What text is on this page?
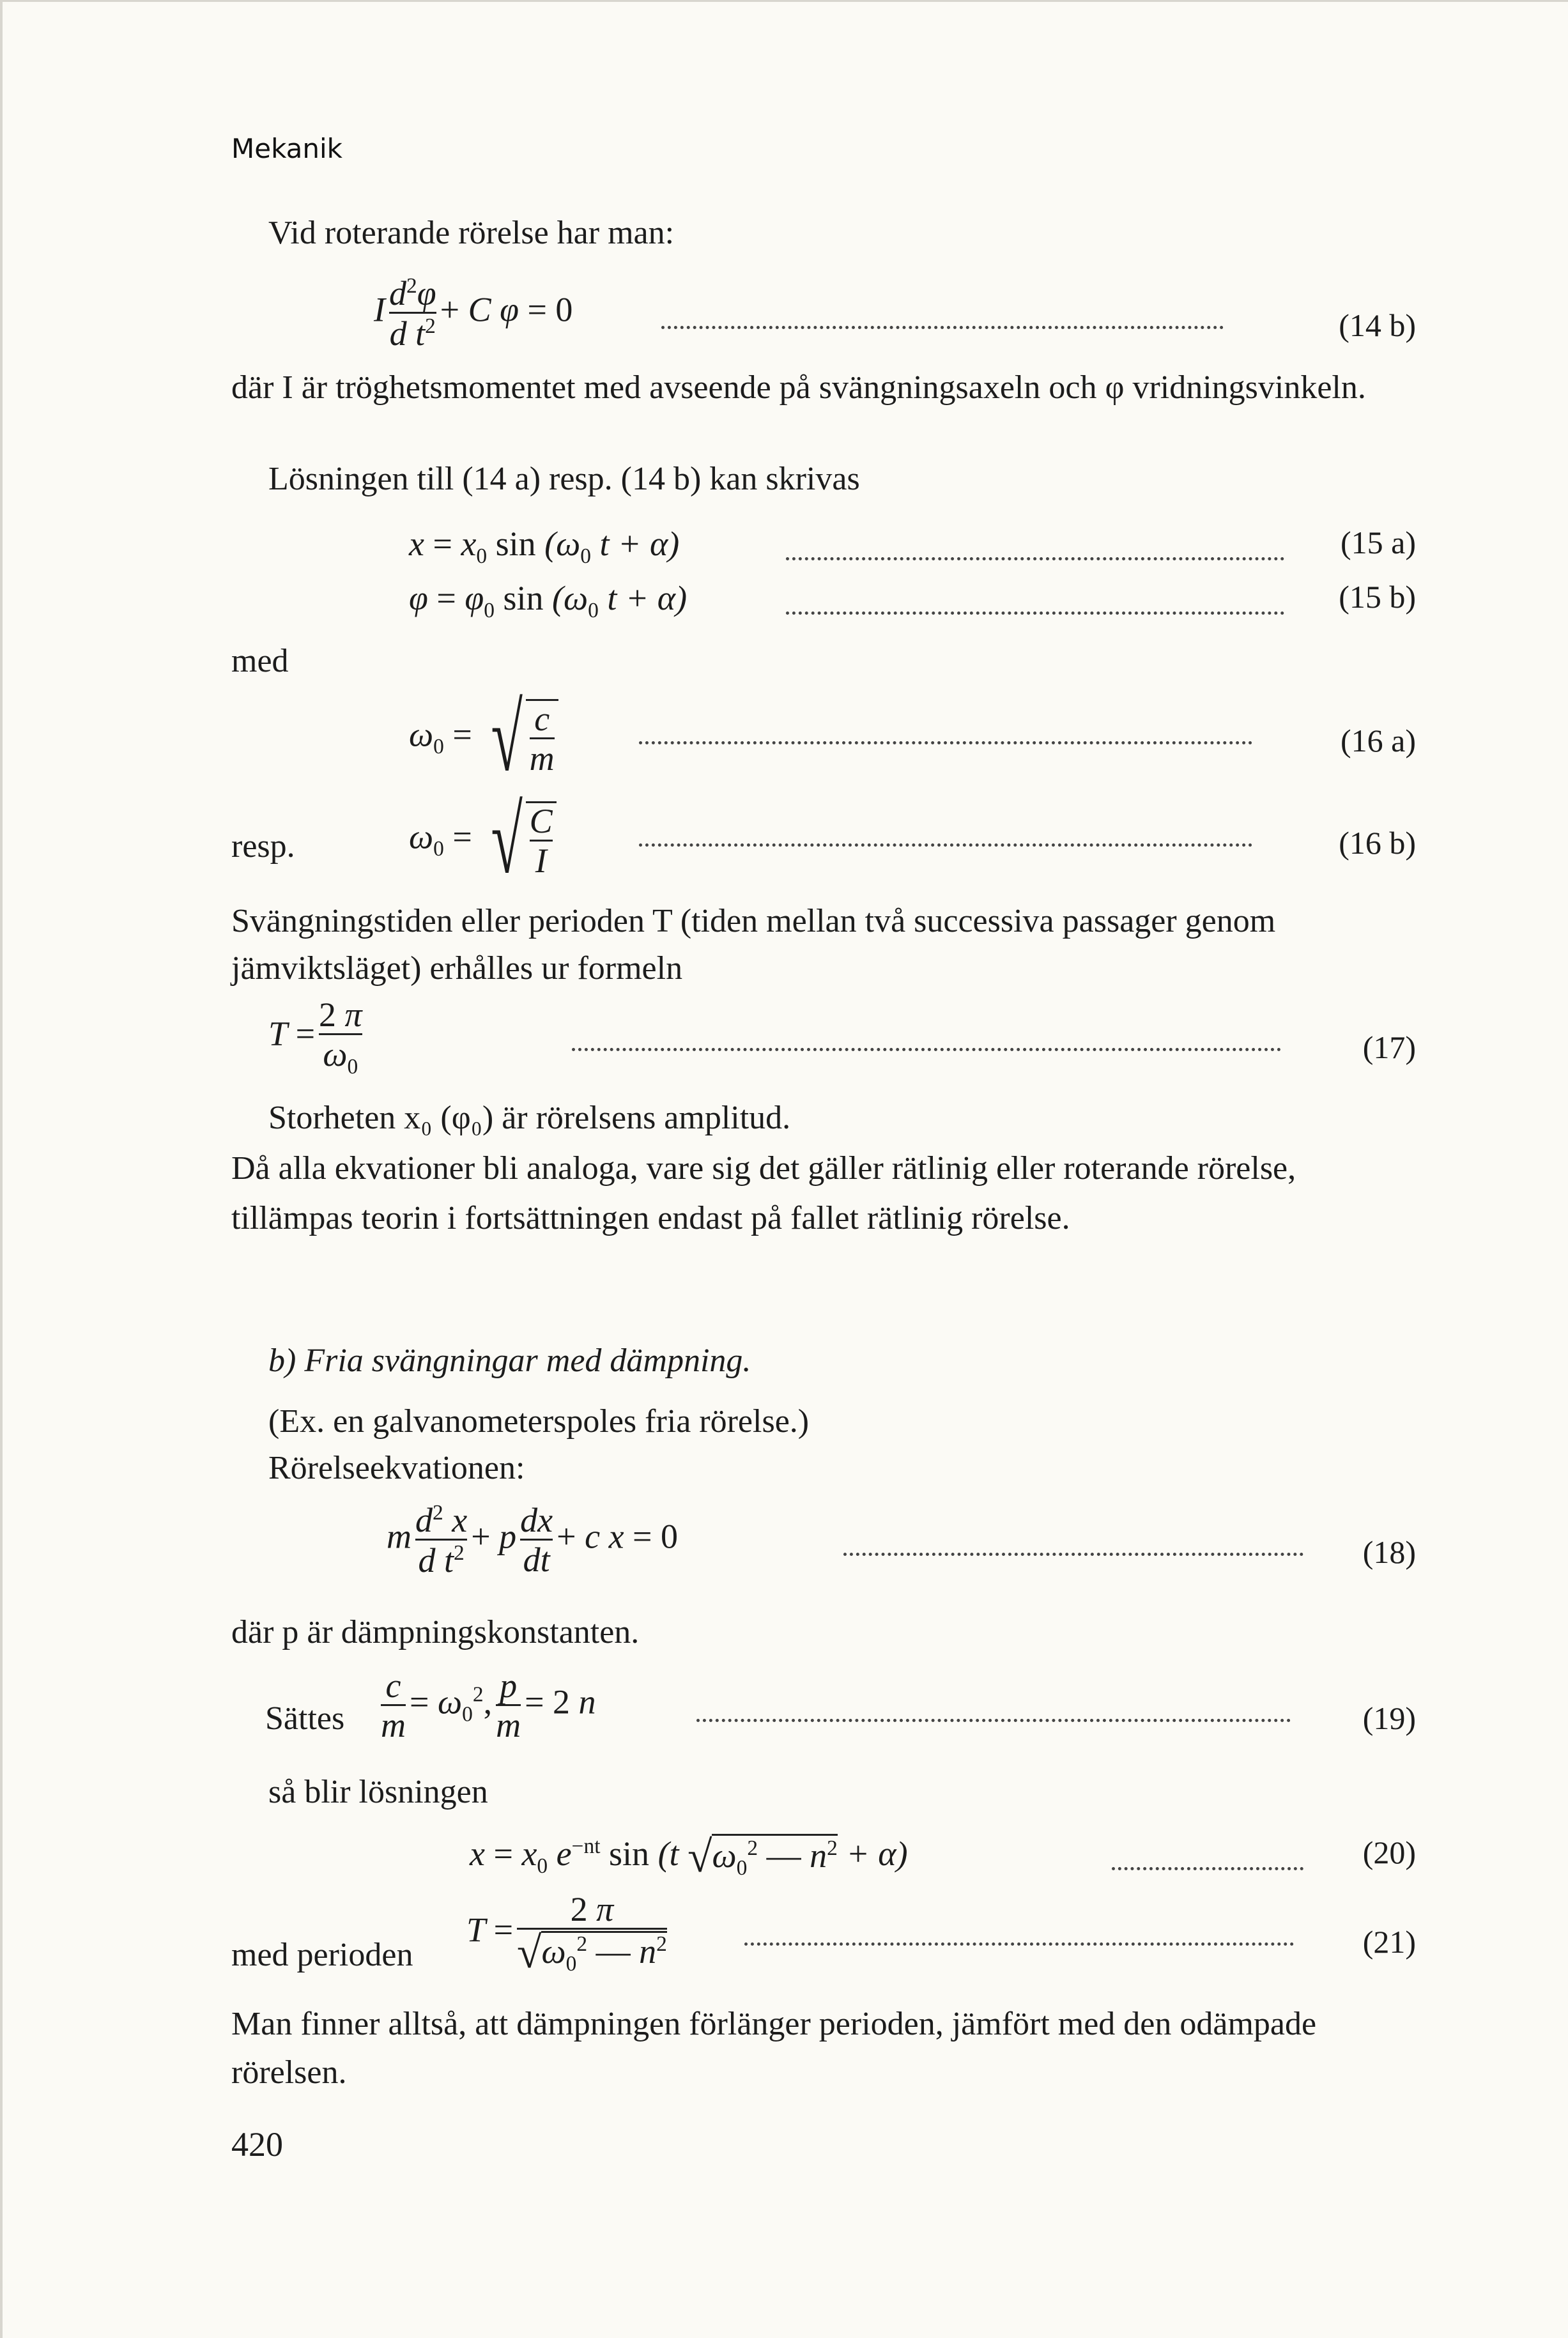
Mekanik
Vid roterande rörelse har man:
I $\frac{d^2\varphi}{d t^2} + C$ φ = 0	(14 b)
där I är tröghetsmomentet med avseende på svängningsaxeln och φ vridningsvinkeln.
Lösningen till (14 a) resp. (14 b) kan skrivas
$x = x_0$ $\sin (\omega_0$ t + α)	(15 a)
$\varphi = \varphi_0$ $\sin (\omega_0$ t + α)	(15 b)
med
$\omega_0$ = √ $\frac{c}{m}$	(16 a)
resp.	$\omega_0$ = √ $\frac{C}{I}$	(16 b)
Svängningstiden eller perioden T (tiden mellan två successiva passager genom jämviktsläget) erhålles ur formeln
$T = \frac{2 \pi}{\omega_0}$	(17)
Storheten x₀ (φ₀) är rörelsens amplitud.
Då alla ekvationer bli analoga, vare sig det gäller rätlinig eller roterande rörelse, tillämpas teorin i fortsättningen endast på fallet rätlinig rörelse.
b) Fria svängningar med dämpning.
(Ex. en galvanometerspoles fria rörelse.)
Rörelseekvationen:
m $\frac{d^2 x}{d t^2} + p \frac{dx}{dt} + c$ x = 0	(18)
där p är dämpningskonstanten.
Sättes $\frac{c}{m} = \omega_0^2$, $\frac{p}{m} = 2$ n	(19)
så blir lösningen
$x = x_0$ $e^{-nt}$ sin (t $√\omega_0^2$ — $n^2 + \alpha$)	(20)
med perioden
$T = \frac{2 \pi}{√\omega_0^2 — n^2}$	(21)
Man finner alltså, att dämpningen förlänger perioden, jämfört med den odämpade rörelsen.
420
